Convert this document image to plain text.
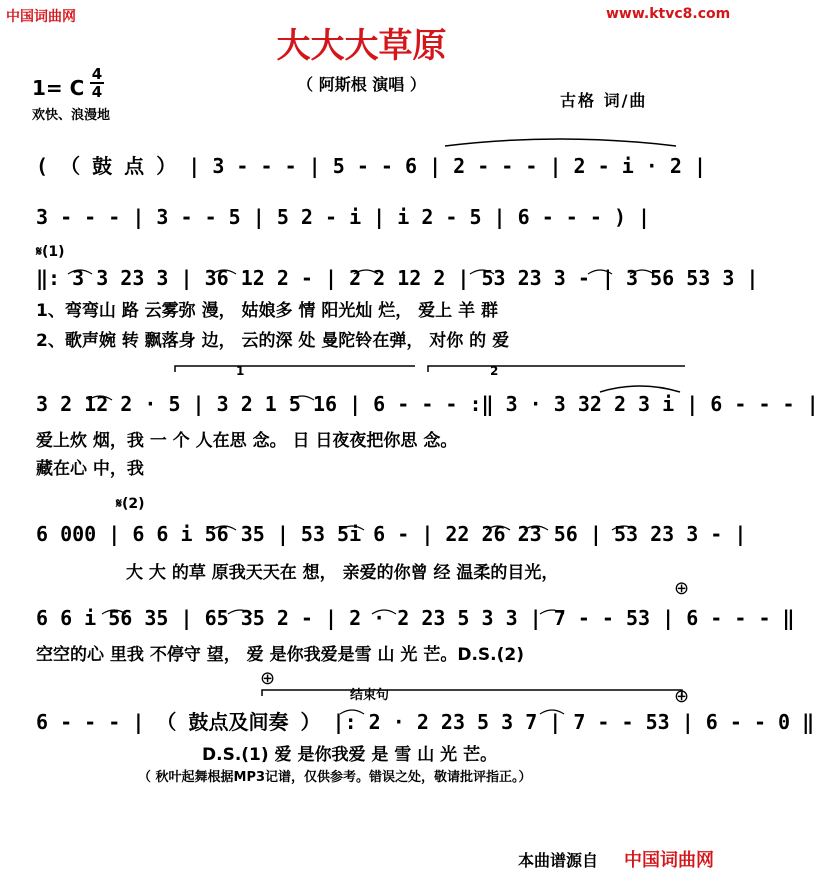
中国词曲网	www.ktvc8.com
大大大草原
（ 阿斯根 演唱 ）
1= C
4
4
欢快、浪漫地
古格 词/曲
( （ 鼓 点 ） | 3 - - - | 5 - - 6 | 2 - - - | 2 - i · 2 |
3 - - - | 3 - - 5 | 5 2 - i | i 2 - 5 | 6 - - - ) |
𝄋(1)
‖: 3 3 23 3 | 36 12 2 - | 2 2 12 2 | 53 23 3 - | 3 56 53 3 |
1、弯弯山 路 云雾弥 漫， 姑娘多 情 阳光灿 烂， 爱上 羊 群
2、歌声婉 转 飘落身 边， 云的深 处 曼陀铃在弹， 对你 的 爱
1	2
3 2 12 2 · 5 | 3 2 1 5 16 | 6 - - - :‖ 3 · 3 32 2 3 i | 6 - - - |
爱上炊 烟，我 一 个 人在思 念。 日 日夜夜把你思 念。
藏在心 中，我
𝄋(2)
6 000 | 6 6 i 56 35 | 53 5i 6 - | 22 26 23 56 | 53 23 3 - |
大 大 的草 原我天天在 想， 亲爱的你曾 经 温柔的目光，
⊕
6 6 i 56 35 | 65 35 2 - | 2 · 2 23 5 3 3 | 7 - - 53 | 6 - - - ‖
空空的心 里我 不停守 望， 爱 是你我爱是雪 山 光 芒。D.S.(2)
⊕
⊕
结束句
6 - - - | （ 鼓点及间奏 ） |: 2 · 2 23 5 3 7 | 7 - - 53 | 6 - - 0 ‖
D.S.(1) 爱 是你我爱 是 雪 山 光 芒。
（ 秋叶起舞根据MP3记谱，仅供参考。错误之处，敬请批评指正。）
本曲谱源自 中国词曲网
